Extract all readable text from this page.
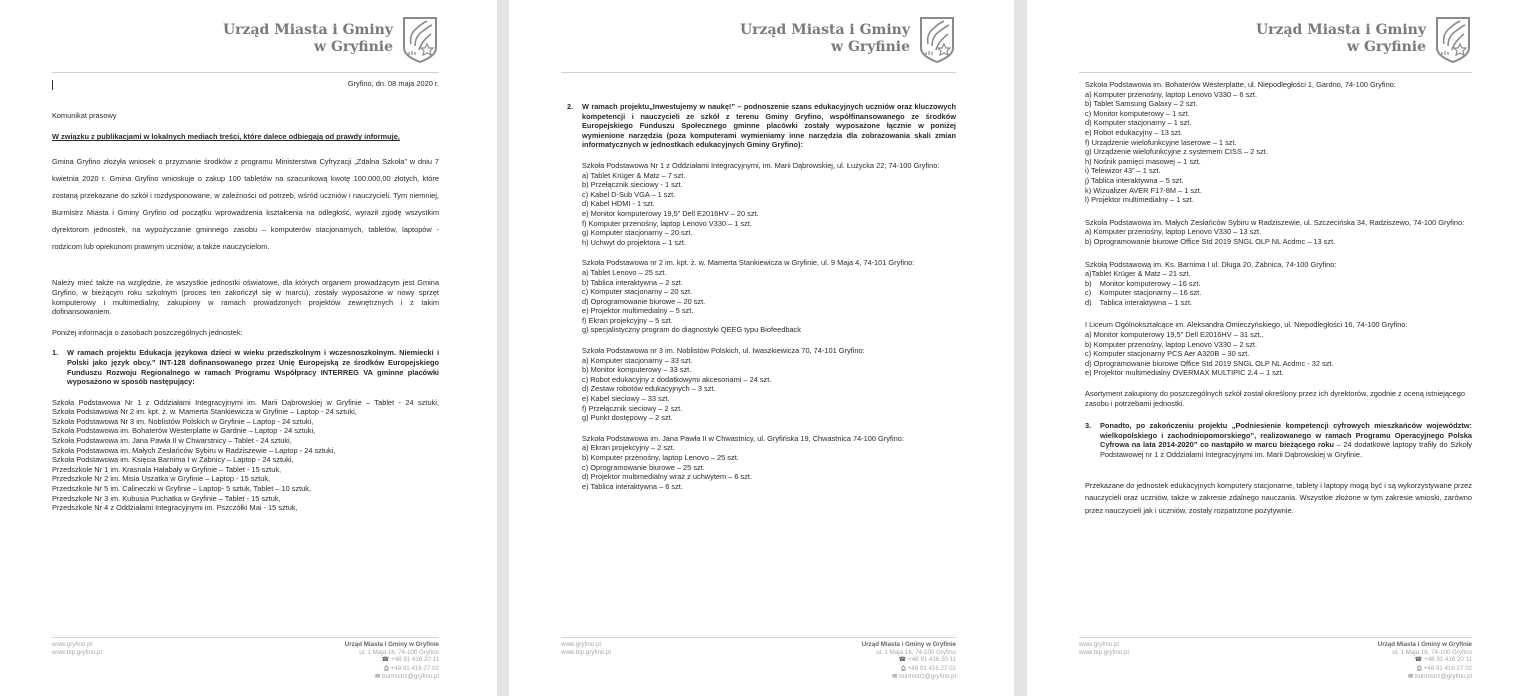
Urząd Miasta i Gminy
w Gryfinie

Gryfino, dn. 08 maja 2020 r.

Komunikat prasowy

W związku z publikacjami w lokalnych mediach treści, które dalece odbiegają od prawdy informuję,

Gmina Gryfino złożyła wniosek o przyznanie środków z programu Ministerstwa Cyfryzacji „Zdalna Szkoła” w dniu 7 kwietnia 2020 r. Gmina Gryfino wnioskuje o zakup 100 tabletów na szacunkową kwotę 100.000,00 złotych, które zostaną przekazane do szkół i rozdysponowane, w zależności od potrzeb, wśród uczniów i nauczycieli. Tym niemniej, Burmistrz Miasta i Gminy Gryfino od początku wprowadzenia kształcenia na odległość, wyraził zgodę wszystkim dyrektorom jednostek, na wypożyczanie gminnego zasobu – komputerów stacjonarnych, tabletów, laptopów - rodzicom lub opiekunom prawnym uczniów, a także nauczycielom.

Należy mieć także na względzie, że wszystkie jednostki oświatowe, dla których organem prowadzącym jest Gmina Gryfino, w bieżącym roku szkolnym (proces ten zakończył się w marcu), zostały wyposażone w nowy sprzęt komputerowy i multimedialny, zakupiony w ramach prowadzonych projektów zewnętrznych i z takim dofinansowaniem.

Poniżej informacja o zasobach poszczególnych jednostek:

1.	W ramach projektu Edukacja językowa dzieci w wieku przedszkolnym i wczesnoszkolnym. Niemiecki i Polski jako język obcy.” INT-128 dofinansowanego przez Unię Europejską ze środków Europejskiego Funduszu Rozwoju Regionalnego w ramach Programu Współpracy INTERREG VA gminne placówki wyposażono w sposób następujący:

Szkoła Podstawowa Nr 1 z Oddziałami Integracyjnymi im. Marii Dąbrowskiej w Gryfinie – Tablet - 24 sztuki,

Szkoła Podstawowa Nr 2 im. kpt. ż. w. Mamerta Stankiewicza w Gryfinie – Laptop - 24 sztuki,

Szkoła Podstawowa Nr 3 im. Noblistów Polskich w Gryfinie – Laptop - 24 sztuki,

Szkoła Podstawowa im. Bohaterów Westerplatte w Gardnie – Laptop - 24 sztuki,

Szkoła Podstawowa im. Jana Pawła II w Chwarstnicy – Tablet - 24 sztuki,

Szkoła Podstawowa im. Małych Zesłańców Sybiru w Radziszewie – Laptop - 24 sztuki,

Szkoła Podstawowa im. Księcia Barnima I w Żabnicy – Laptop - 24 sztuki,

Przedszkole Nr 1 im. Krasnala Hałabały w Gryfinie – Tablet - 15 sztuk,

Przedszkole Nr 2 im. Misia Uszatka w Gryfinie – Laptop - 15 sztuk,

Przedszkole Nr 5 im. Calineczki w Gryfinie – Laptop- 5 sztuk, Tablet – 10 sztuk,

Przedszkole Nr 3 im. Kubusia Puchatka w Gryfinie – Tablet - 15 sztuk,

Przedszkole Nr 4 z Oddziałami Integracyjnymi im. Pszczółki Mai - 15 sztuk,

www.gryfino.pl
www.bip.gryfino.pl
Urząd Miasta i Gminy w Gryfinie
ul. 1 Maja 16, 74-100 Gryfino
☎ +48 91 416 20 11
⎙ +48 91 416 27 02
✉ burmistrz@gryfino.pl
Urząd Miasta i Gminy
w Gryfinie
2.	W ramach projektu„Inwestujemy w naukę!” – podnoszenie szans edukacyjnych uczniów oraz kluczowych kompetencji i nauczycieli ze szkół z terenu Gminy Gryfino, współfinansowanego ze środków Europejskiego Funduszu Społecznego gminne placówki zostały wyposażone łącznie w poniżej wymienione narzędzia (poza komputerami wymieniamy inne narzędzia dla zobrazowania skali zmian informatycznych w jednostkach edukacyjnych Gminy Gryfino):

Szkoła Podstawowa Nr 1 z Oddziałami Integracyjnymi, im. Marii Dąbrowskiej, ul. Łużycka 22; 74-100 Gryfino:

a) Tablet Krüger & Matz – 7 szt.

b) Przełącznik sieciowy - 1 szt.

c) Kabel D-Sub VGA – 1 szt.

d) Kabel HDMI - 1 szt.

e) Monitor komputerowy 19,5” Dell E2016HV – 20 szt.

f) Komputer przenośny, laptop Lenovo V330 – 1 szt.

g) Komputer stacjonarny – 20 szt.

h) Uchwyt do projektora – 1 szt.

Szkoła Podstawowa nr 2 im. kpt. ż. w. Mamerta Stankiewicza w Gryfinie, ul. 9 Maja 4, 74-101 Gryfino:

a) Tablet Lenovo – 25 szt.

b) Tablica interaktywna – 2 szt.

c) Komputer stacjonarny – 20 szt.

d) Oprogramowanie biurowe – 20 szt.

e) Projektor multimedialny – 5 szt.

f) Ekran projekcyjny – 5 szt.

g) specjalistyczny program do diagnostyki QEEG typu Biofeedback

Szkoła Podstawowa nr 3 im. Noblistów Polskich, ul. Iwaszkiewicza 70, 74-101 Gryfino:

a) Komputer stacjonarny – 33 szt.

b) Monitor komputerowy – 33 szt.

c) Robot edukacyjny z dodatkowymi akcesoriami – 24 szt.

d) Zestaw robotów edukacyjnych – 3 szt.

e) Kabel sieciowy – 33 szt.

f) Przełącznik sieciowy – 2 szt.

g) Punkt dostępowy – 2 szt.

Szkoła Podstawowa im. Jana Pawła II w Chwastnicy, ul. Gryfińska 19, Chwastnica 74-100 Gryfino:

a) Ekran projekcyjny – 2 szt.

b) Komputer przenośny, laptop Lenovo – 25 szt.

c) Oprogramowanie biurowe – 25 szt.

d) Projektor multimedialny wraz z uchwytem – 6 szt.

e) Tablica interaktywna – 6 szt.

www.gryfino.pl
www.bip.gryfino.pl
Urząd Miasta i Gminy w Gryfinie
ul. 1 Maja 16, 74-100 Gryfino
☎ +48 91 416 20 11
⎙ +48 91 416 27 02
✉ burmistrz@gryfino.pl
Urząd Miasta i Gminy
w Gryfinie

Szkoła Podstawowa im. Bohaterów Westerplatte, ul. Niepodległości 1, Gardno, 74-100 Gryfino:

a) Komputer przenośny, laptop Lenovo V330 – 6 szt.

b) Tablet Samsung Galaxy – 2 szt.

c) Monitor komputerowy – 1 szt.

d) Komputer stacjonarny – 1 szt.

e) Robot edukacyjny – 13 szt.

f) Urządzenie wielofunkcyjne laserowe – 1 szt.

g) Urządzenie wielofunkcyjne z systemem CISS – 2 szt.

h) Nośnik pamięci masowej – 1 szt.

i) Telewizor 43” – 1 szt.

j) Tablica interaktywna – 5 szt.

k) Wizualizer AVER F17-8M – 1 szt.

l) Projektor multimedialny – 1 szt.

Szkoła Podstawowa im. Małych Zesłańców Sybiru w Radziszewie, ul. Szczecińska 34, Radziszewo, 74-100 Gryfino:

a) Komputer przenośny, laptop Lenovo V330 – 13 szt.

b) Oprogramowanie biurowe Office Std 2019 SNGL OLP NL Acdmc – 13 szt.

Szkołą Podstawową im. Ks. Barnima I ul. Długa 20, Żabnica, 74-100 Gryfino:

a)Tablet Krüger & Matz – 21 szt.

b)    Monitor komputerowy – 16 szt.

c)    Komputer stacjonarny – 16 szt.

d)    Tablica interaktywna – 1 szt.

I Liceum Ogólnokształcące im. Aleksandra Omieczyńskiego, ul. Niepodległości 16, 74-100 Gryfino:

a) Monitor komputerowy 19,5” Dell E2016HV – 31 szt.,

b) Komputer przenośny, laptop Lenovo V330 – 2 szt.

c) Komputer stacjonarny PCS Aer A320B – 30 szt.

d) Oprogramowanie biurowe Office Std 2019 SNGL OLP NL Acdmc - 32 szt.

e) Projektor multimedialny OVERMAX MULTIPIC 2.4 – 1 szt.

Asortyment zakupiony do poszczególnych szkół został określony przez ich dyrektorów, zgodnie z oceną istniejącego zasobu i potrzebami jednostki.

3.	Ponadto, po zakończeniu projektu „Podniesienie kompetencji cyfrowych mieszkańców województw: wielkopolskiego i zachodniopomorskiego”, realizowanego w ramach Programu Operacyjnego Polska Cyfrowa na lata 2014-2020” co nastąpiło w marcu bieżącego roku – 24 dodatkowe laptopy trafiły do Szkoły Podstawowej nr 1 z Oddziałami Integracyjnymi im. Marii Dąbrowskiej w Gryfinie.

Przekazane do jednostek edukacyjnych komputery stacjonarne, tablety i laptopy mogą być i są wykorzystywane przez nauczycieli oraz uczniów, także w zakresie zdalnego nauczania. Wszystkie złożone w tym zakresie wnioski, zarówno przez nauczycieli jak i uczniów, zostały rozpatrzone pozytywnie.

www.gryfino.pl
www.bip.gryfino.pl
Urząd Miasta i Gminy w Gryfinie
ul. 1 Maja 16, 74-100 Gryfino
☎ +48 91 416 20 11
⎙ +48 91 416 27 02
✉ burmistrz@gryfino.pl
